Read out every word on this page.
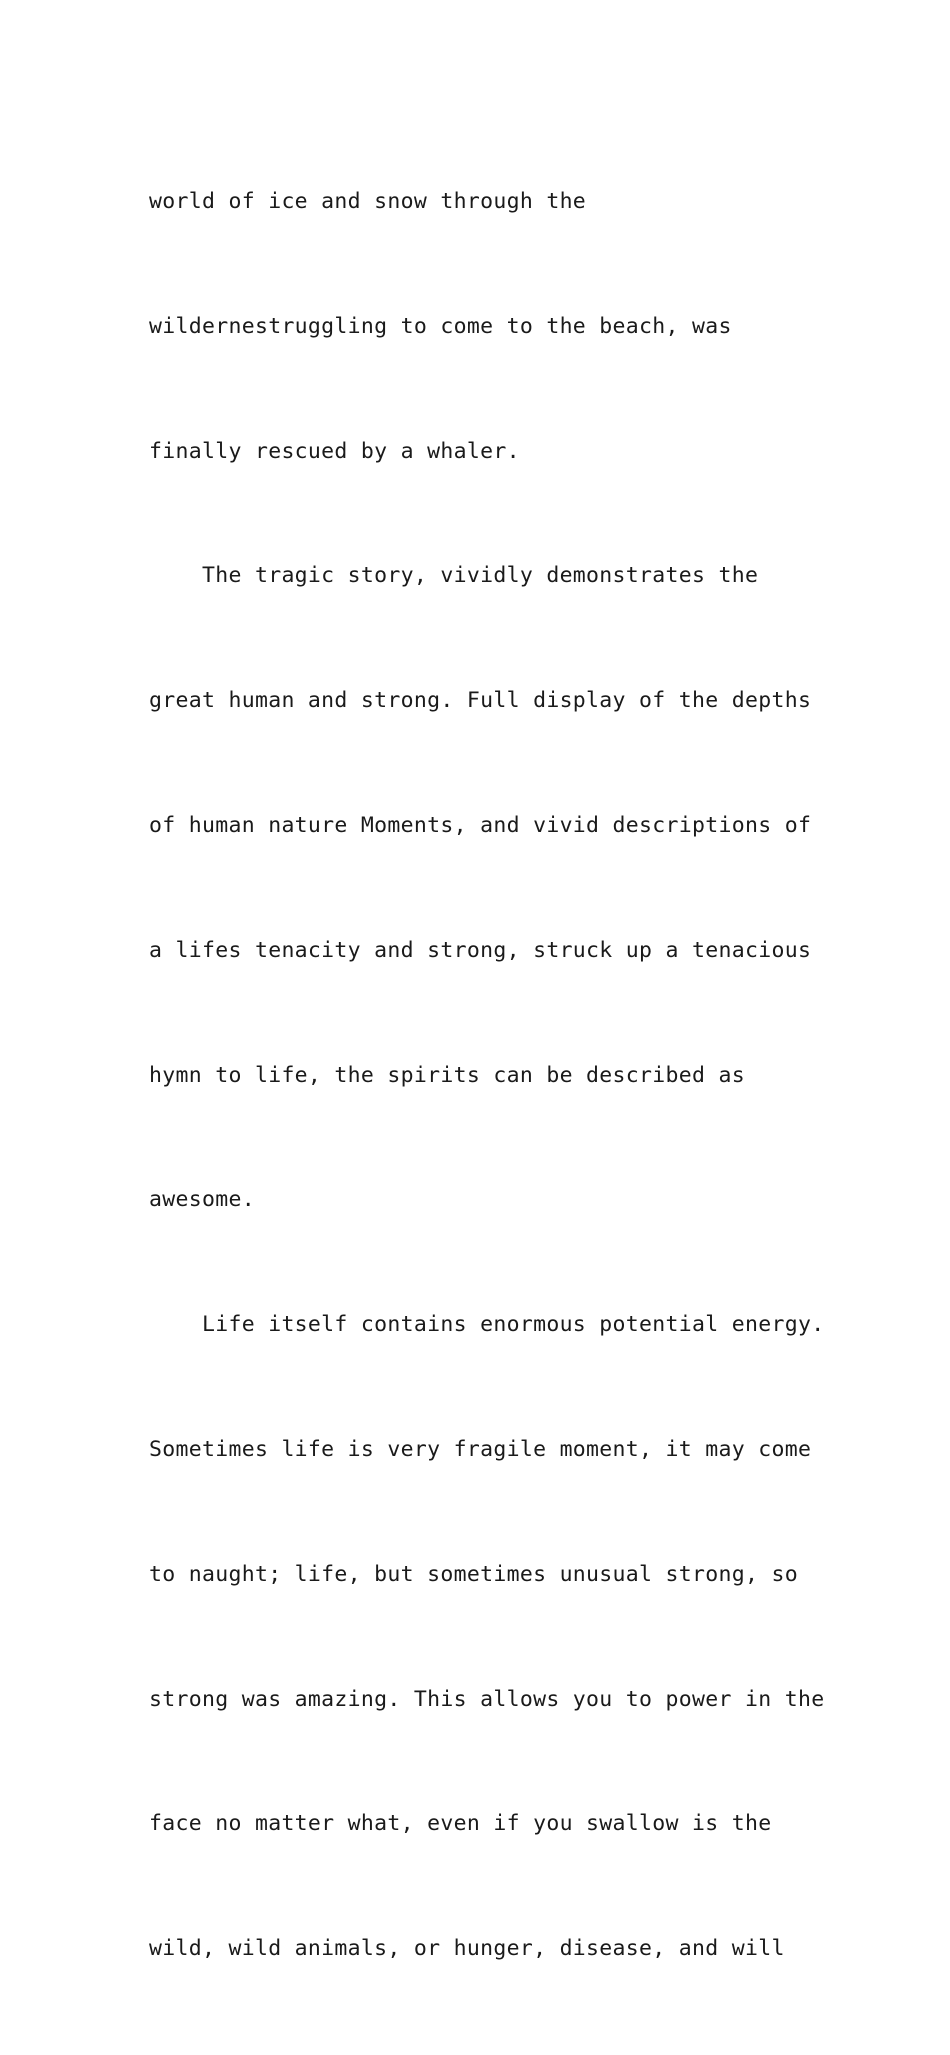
world of ice and snow through the

wildernestruggling to come to the beach, was

finally rescued by a whaler.

The tragic story, vividly demonstrates the

great human and strong. Full display of the depths

of human nature Moments, and vivid descriptions of

a lifes tenacity and strong, struck up a tenacious

hymn to life, the spirits can be described as

awesome.

Life itself contains enormous potential energy.

Sometimes life is very fragile moment, it may come

to naught; life, but sometimes unusual strong, so

strong was amazing. This allows you to power in the

face no matter what, even if you swallow is the

wild, wild animals, or hunger, disease, and will
